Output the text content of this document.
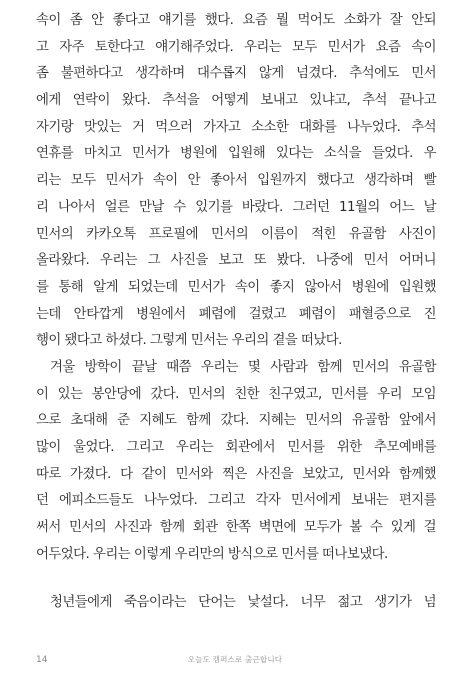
속이 좀 안 좋다고 얘기를 했다. 요즘 뭘 먹어도 소화가 잘 안되
고 자주 토한다고 얘기해주었다. 우리는 모두 민서가 요즘 속이
좀 불편하다고 생각하며 대수롭지 않게 넘겼다. 추석에도 민서
에게 연락이 왔다. 추석을 어떻게 보내고 있냐고, 추석 끝나고
자기랑 맛있는 거 먹으러 가자고 소소한 대화를 나누었다. 추석
연휴를 마치고 민서가 병원에 입원해 있다는 소식을 들었다. 우
리는 모두 민서가 속이 안 좋아서 입원까지 했다고 생각하며 빨
리 나아서 얼른 만날 수 있기를 바랐다. 그러던 11월의 어느 날
민서의 카카오톡 프로필에 민서의 이름이 적힌 유골함 사진이
올라왔다. 우리는 그 사진을 보고 또 봤다. 나중에 민서 어머니
를 통해 알게 되었는데 민서가 속이 좋지 않아서 병원에 입원했
는데 안타깝게 병원에서 폐렴에 걸렸고 폐렴이 패혈증으로 진
행이 됐다고 하셨다. 그렇게 민서는 우리의 곁을 떠났다.
겨울 방학이 끝날 때쯤 우리는 몇 사람과 함께 민서의 유골함
이 있는 봉안당에 갔다. 민서의 친한 친구였고, 민서를 우리 모임
으로 초대해 준 지혜도 함께 갔다. 지혜는 민서의 유골함 앞에서
많이 울었다. 그리고 우리는 회관에서 민서를 위한 추모예배를
따로 가졌다. 다 같이 민서와 찍은 사진을 보았고, 민서와 함께했
던 에피소드들도 나누었다. 그리고 각자 민서에게 보내는 편지를
써서 민서의 사진과 함께 회관 한쪽 벽면에 모두가 볼 수 있게 걸
어두었다. 우리는 이렇게 우리만의 방식으로 민서를 떠나보냈다.
청년들에게 죽음이라는 단어는 낯설다. 너무 젊고 생기가 넘
14	오늘도 캠퍼스로 출근합니다
